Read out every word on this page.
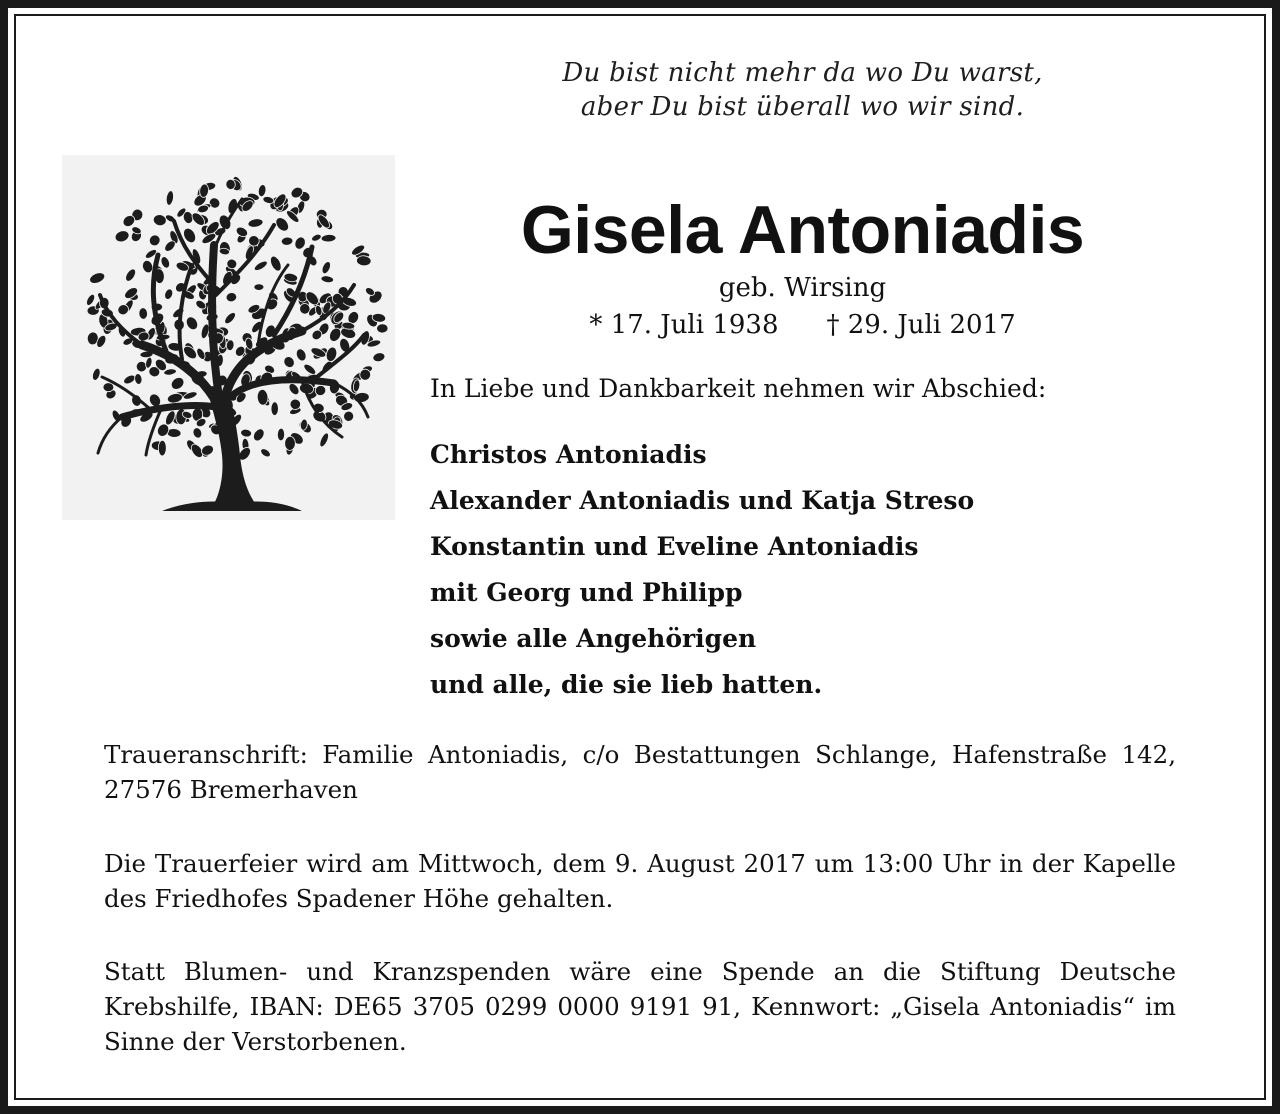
Du bist nicht mehr da wo Du warst,
aber Du bist überall wo wir sind.
Gisela Antoniadis
geb. Wirsing
* 17. Juli 1938 † 29. Juli 2017
In Liebe und Dankbarkeit nehmen wir Abschied:
Christos Antoniadis
Alexander Antoniadis und Katja Streso
Konstantin und Eveline Antoniadis
mit Georg und Philipp
sowie alle Angehörigen
und alle, die sie lieb hatten.

Traueranschrift: Familie Antoniadis, c/o Bestattungen Schlange, Hafenstraße 142, 27576 Bremerhaven

Die Trauerfeier wird am Mittwoch, dem 9. August 2017 um 13:00 Uhr in der Kapelle des Friedhofes Spadener Höhe gehalten.

Statt Blumen- und Kranzspenden wäre eine Spende an die Stiftung Deutsche Krebshilfe, IBAN: DE65 3705 0299 0000 9191 91, Kennwort: „Gisela Antoniadis“ im Sinne der Verstorbenen.
